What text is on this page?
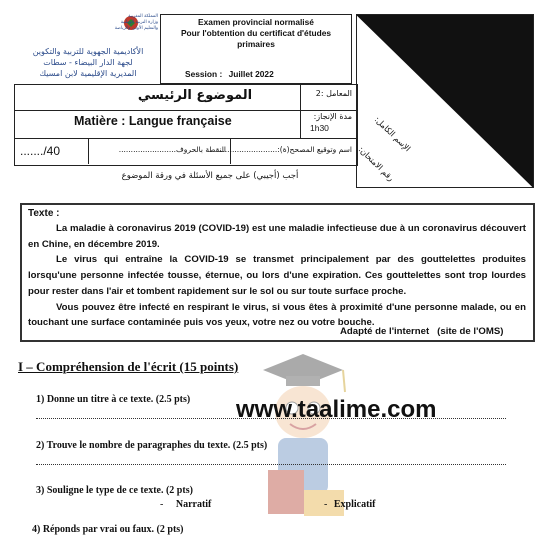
المملكة المغربية
وزارة التربية الوطنية
والتعليم الأولي والرياضة
الأكاديمية الجهوية للتربية والتكوين
لجهة الدار البيضاء - سطات
المديرية الإقليمية لابن امسيك
Examen provincial normalisé
Pour l'obtention du certificat d'études
primaires
Session : Juillet 2022
الإسم الكامل:
رقم الامتحان:
الموضوع الرئيسي	المعامل :2
Matière : Langue française	مدة الإنجاز:
1h30
......./40	النقطة بالحروف........................
اسم وتوقيع المصحح(ة):........................
أجب (أجيبي) على جميع الأسئلة في ورقة الموضوع
Texte :
La maladie à coronavirus 2019 (COVID-19) est une maladie infectieuse due à un coronavirus découvert en Chine, en décembre 2019.
Le virus qui entraîne la COVID-19 se transmet principalement par des gouttelettes produites lorsqu'une personne infectée tousse, éternue, ou lors d'une expiration. Ces gouttelettes sont trop lourdes pour rester dans l'air et tombent rapidement sur le sol ou sur toute surface proche.
Vous pouvez être infecté en respirant le virus, si vous êtes à proximité d'une personne malade, ou en touchant une surface contaminée puis vos yeux, votre nez ou votre bouche.
Adapté de l'internet   (site de l'OMS)
I – Compréhension de l'écrit (15 points)
www.taalime.com
1) Donne un titre à ce texte. (2.5 pts)
2) Trouve le nombre de paragraphes du texte. (2.5 pts)
3) Souligne le type de ce texte. (2 pts)
- Narratif	- Explicatif
4) Réponds par vrai ou faux. (2 pts)
